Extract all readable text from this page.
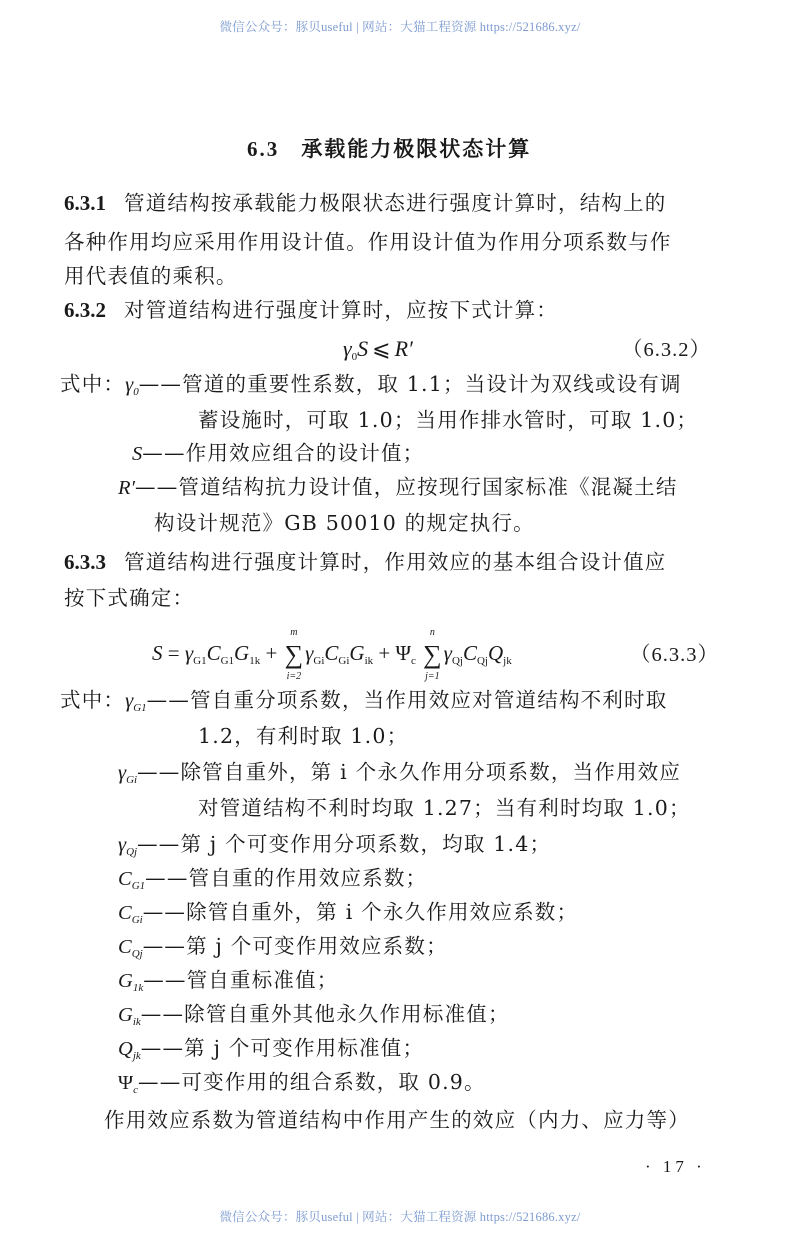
微信公众号：豚贝useful | 网站：大猫工程资源 https://521686.xyz/
6.3 承载能力极限状态计算
6.3.1 管道结构按承载能力极限状态进行强度计算时，结构上的
各种作用均应采用作用设计值。作用设计值为作用分项系数与作
用代表值的乘积。
6.3.2 对管道结构进行强度计算时，应按下式计算：
$\gamma_0S$ ⩽ R′	（6.3.2）
式中：$\gamma_0——$管道的重要性系数，取 1.1；当设计为双线或设有调
蓄设施时，可取 1.0；当用作排水管时，可取 1.0；
S——作用效应组合的设计值；
R′——管道结构抗力设计值，应按现行国家标准《混凝土结
构设计规范》GB 50010 的规定执行。
6.3.3 管道结构进行强度计算时，作用效应的基本组合设计值应
按下式确定：
$S = \gamma_{G1}C_{G1}G_{1k}$ +
m
∑
i=2
$\gamma_{Gi}C_{Gi}G_{ik} + \Psi_c$
n
∑
j=1
$\gamma_{Qj}C_{Qj}Q_{jk}$	（6.3.3）
式中：$\gamma_{G1}——$管自重分项系数，当作用效应对管道结构不利时取
1.2，有利时取 1.0；
$\gamma_{Gi}——$除管自重外，第 i 个永久作用分项系数，当作用效应
对管道结构不利时均取 1.27；当有利时均取 1.0；
$\gamma_{Qj}——$第 j 个可变作用分项系数，均取 1.4；
$C_{G1}——$管自重的作用效应系数；
$C_{Gi}——$除管自重外，第 i 个永久作用效应系数；
$C_{Qj}——$第 j 个可变作用效应系数；
$G_{1k}——$管自重标准值；
$G_{ik}——$除管自重外其他永久作用标准值；
$Q_{jk}——$第 j 个可变作用标准值；
$\Psi_c——$可变作用的组合系数，取 0.9。
作用效应系数为管道结构中作用产生的效应（内力、应力等）
· 17 ·
微信公众号：豚贝useful | 网站：大猫工程资源 https://521686.xyz/
